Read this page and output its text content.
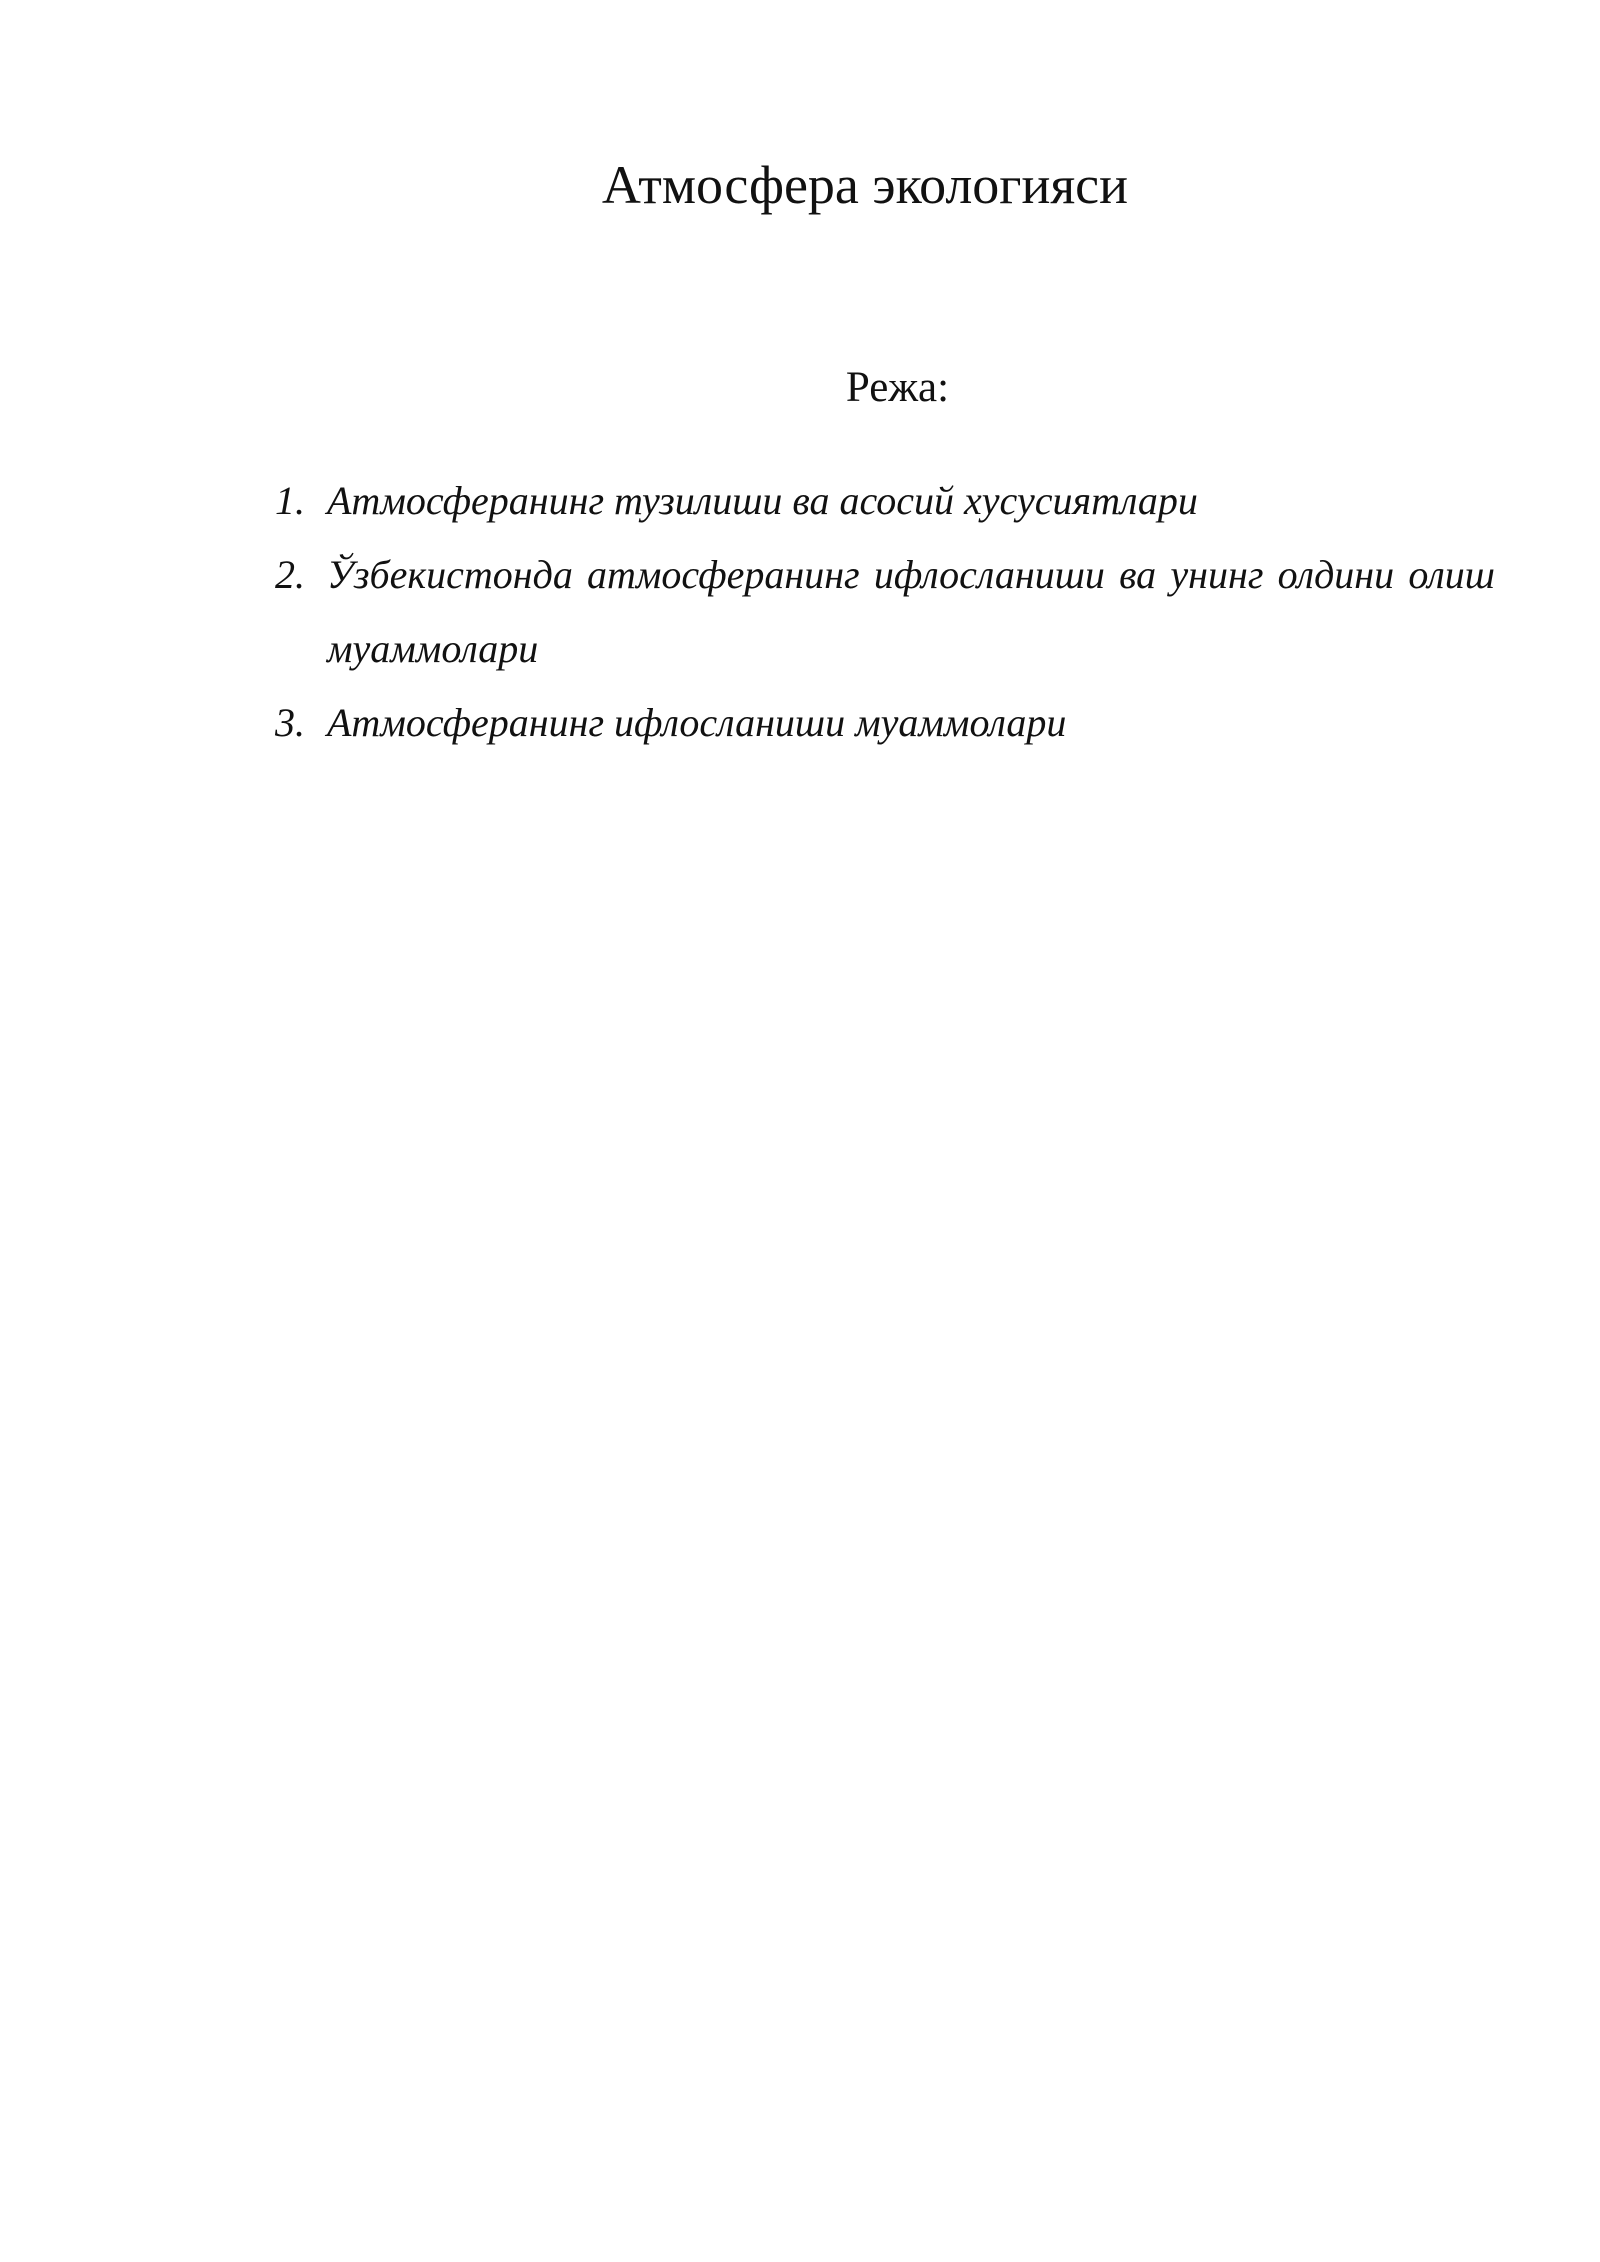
Атмосфера экологияси
Режа:
1. Атмосферанинг тузилиши ва асосий хусусиятлари
2. Ўзбекистонда атмосферанинг ифлосланиши ва унинг олдини олиш муаммолари
3. Атмосферанинг ифлосланиши муаммолари
